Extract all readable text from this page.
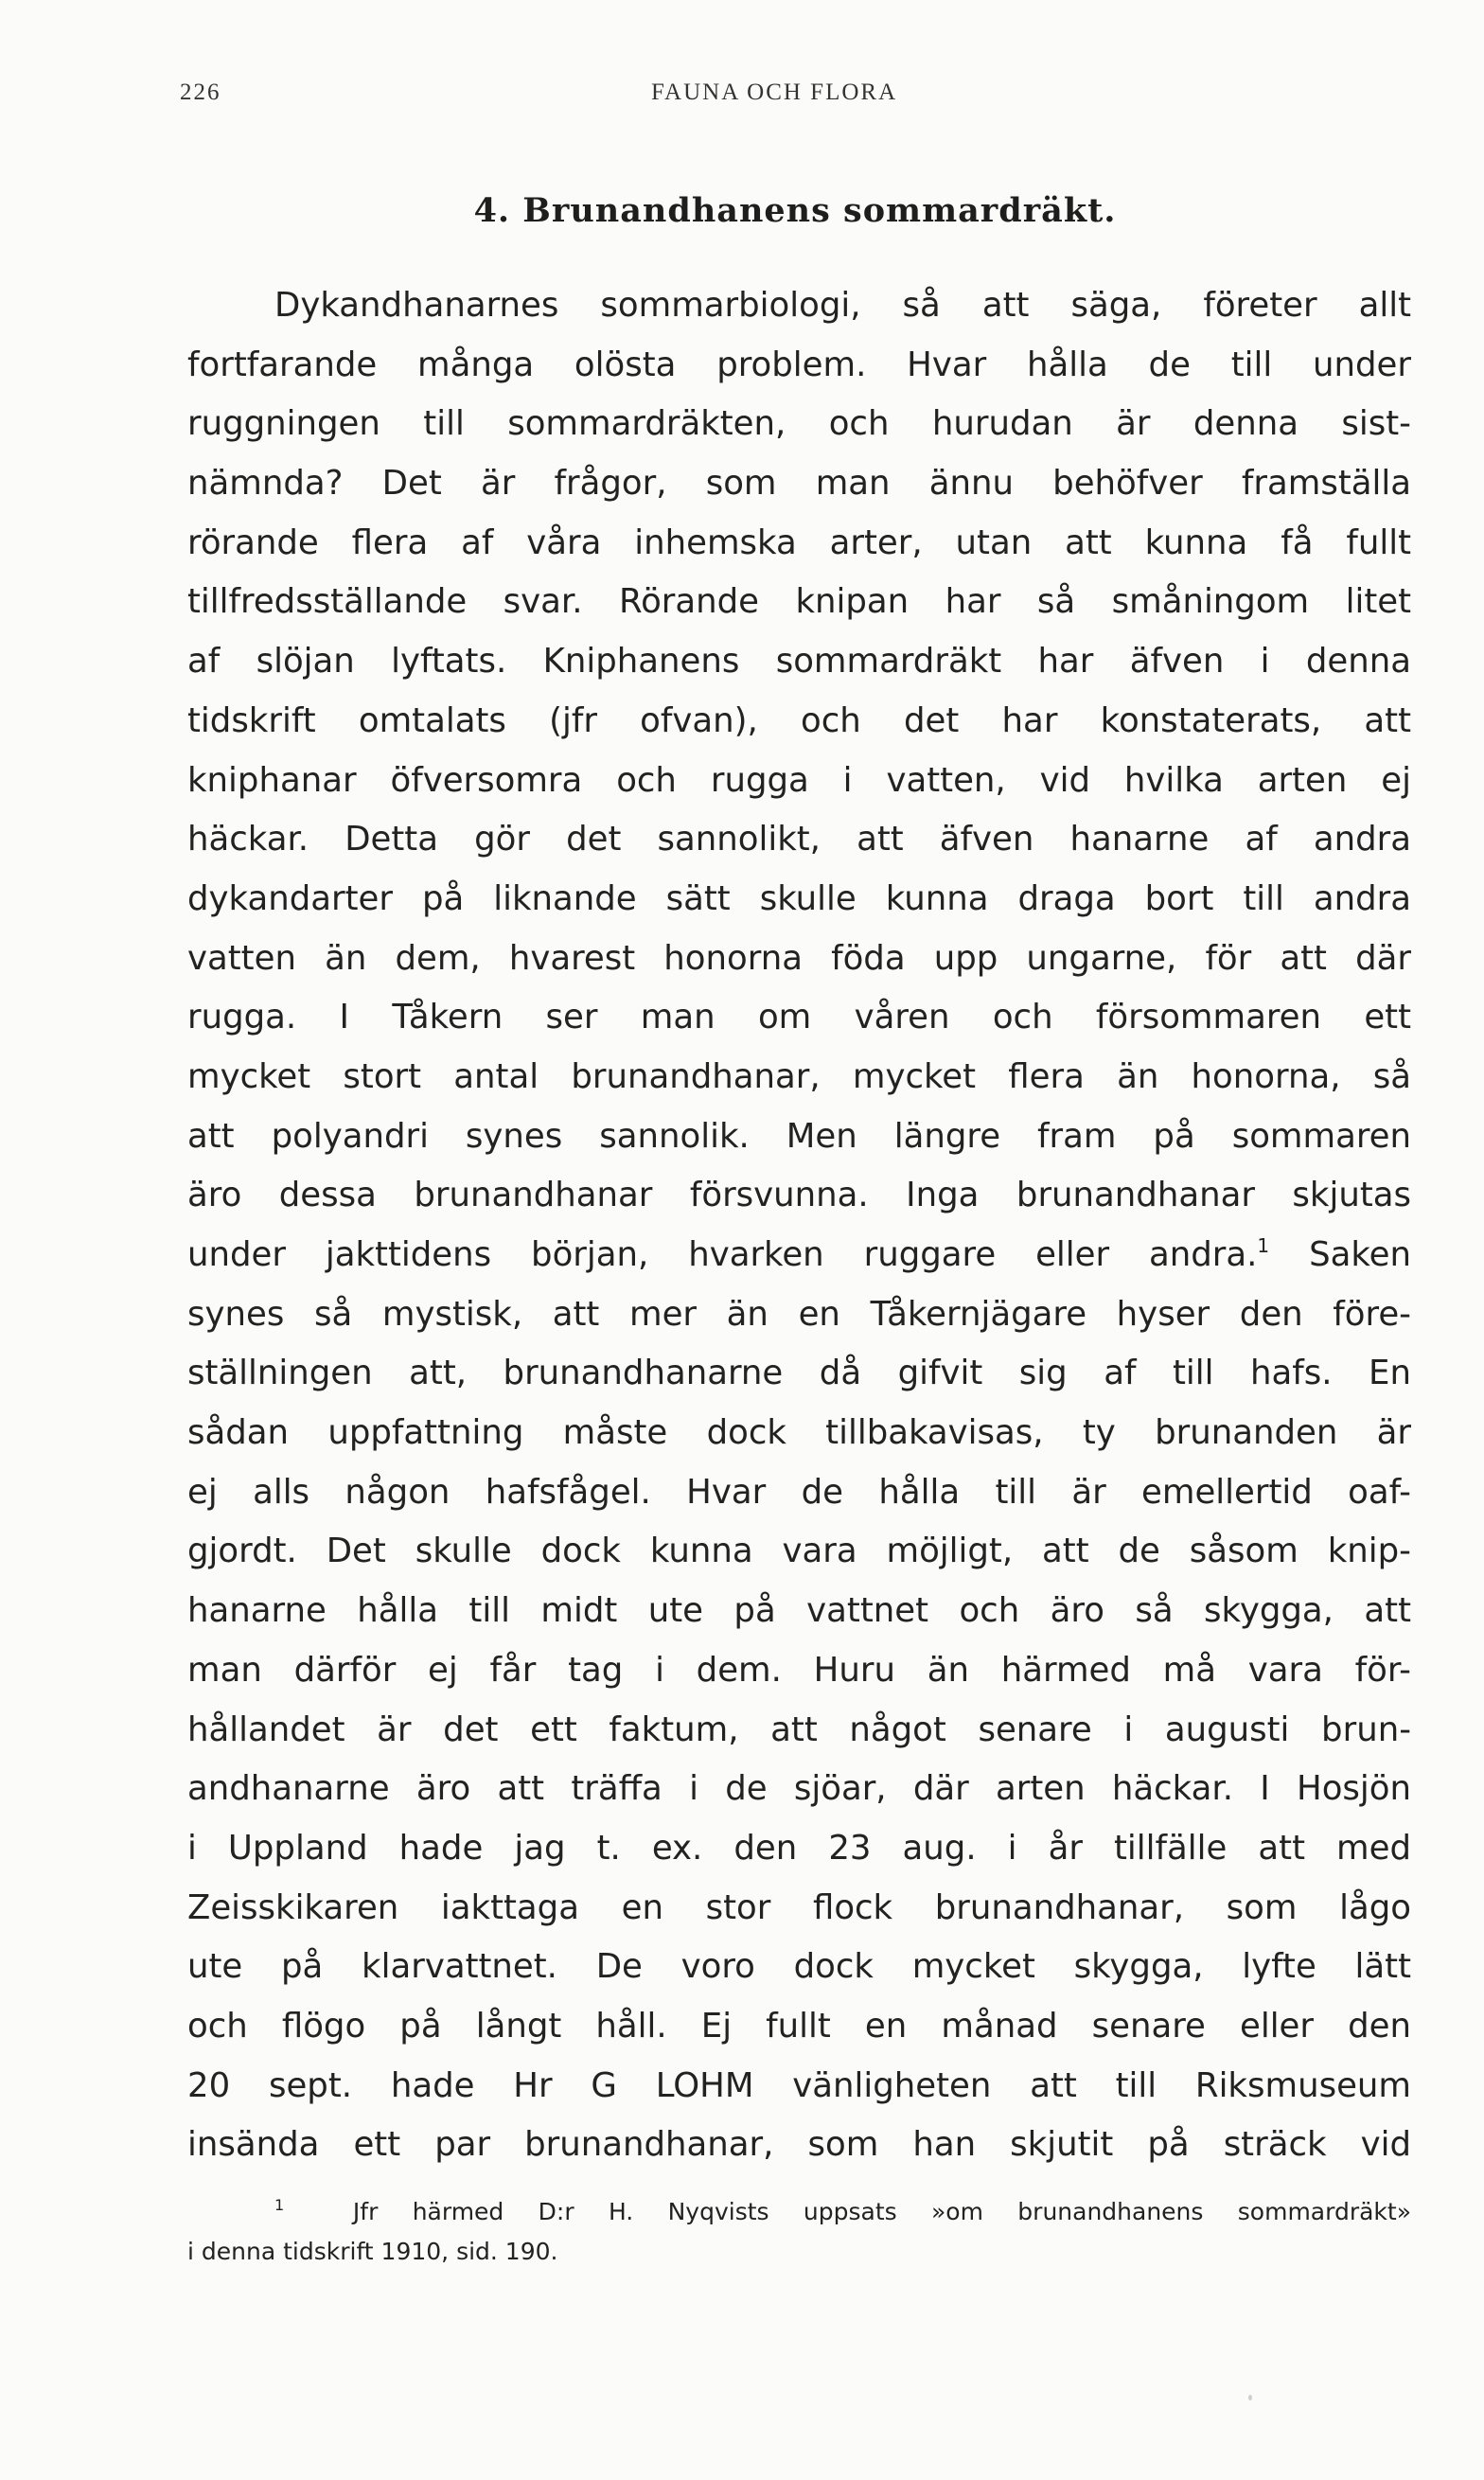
226	FAUNA OCH FLORA
4. Brunandhanens sommardräkt.
Dykandhanarnes sommarbiologi, så att säga, företer allt
fortfarande många olösta problem. Hvar hålla de till under
ruggningen till sommardräkten, och hurudan är denna sist-
nämnda? Det är frågor, som man ännu behöfver framställa
rörande flera af våra inhemska arter, utan att kunna få fullt
tillfredsställande svar. Rörande knipan har så småningom litet
af slöjan lyftats. Kniphanens sommardräkt har äfven i denna
tidskrift omtalats (jfr ofvan), och det har konstaterats, att
kniphanar öfversomra och rugga i vatten, vid hvilka arten ej
häckar. Detta gör det sannolikt, att äfven hanarne af andra
dykandarter på liknande sätt skulle kunna draga bort till andra
vatten än dem, hvarest honorna föda upp ungarne, för att där
rugga. I Tåkern ser man om våren och försommaren ett
mycket stort antal brunandhanar, mycket flera än honorna, så
att polyandri synes sannolik. Men längre fram på sommaren
äro dessa brunandhanar försvunna. Inga brunandhanar skjutas
under jakttidens början, hvarken ruggare eller andra.$^1$ Saken
synes så mystisk, att mer än en Tåkernjägare hyser den före-
ställningen att, brunandhanarne då gifvit sig af till hafs. En
sådan uppfattning måste dock tillbakavisas, ty brunanden är
ej alls någon hafsfågel. Hvar de hålla till är emellertid oaf-
gjordt. Det skulle dock kunna vara möjligt, att de såsom knip-
hanarne hålla till midt ute på vattnet och äro så skygga, att
man därför ej får tag i dem. Huru än härmed må vara för-
hållandet är det ett faktum, att något senare i augusti brun-
andhanarne äro att träffa i de sjöar, där arten häckar. I Hosjön
i Uppland hade jag t. ex. den 23 aug. i år tillfälle att med
Zeisskikaren iakttaga en stor flock brunandhanar, som lågo
ute på klarvattnet. De voro dock mycket skygga, lyfte lätt
och flögo på långt håll. Ej fullt en månad senare eller den
20 sept. hade Hr G LOHM vänligheten att till Riksmuseum
insända ett par brunandhanar, som han skjutit på sträck vid
$^1$	Jfr härmed D:r H. Nyqvists uppsats »om brunandhanens sommardräkt»
i denna tidskrift 1910, sid. 190.
